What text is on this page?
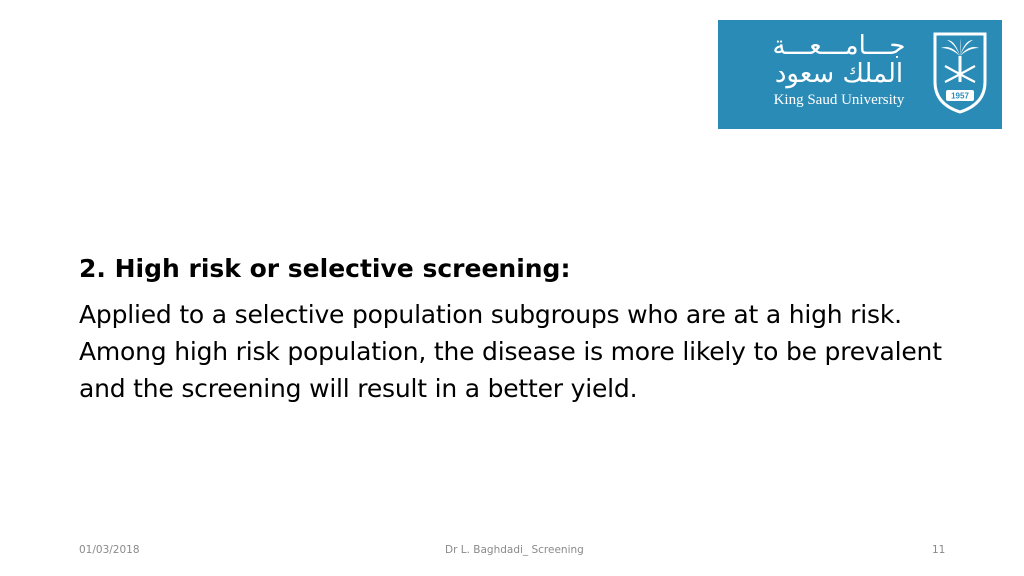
جـــامـــعـــة
الملك سعود
King Saud University	1957

2. High risk or selective screening:

Applied to a selective population subgroups who are at a high risk. Among high risk population, the disease is more likely to be prevalent and the screening will result in a better yield.

01/03/2018	Dr L. Baghdadi_ Screening	11
